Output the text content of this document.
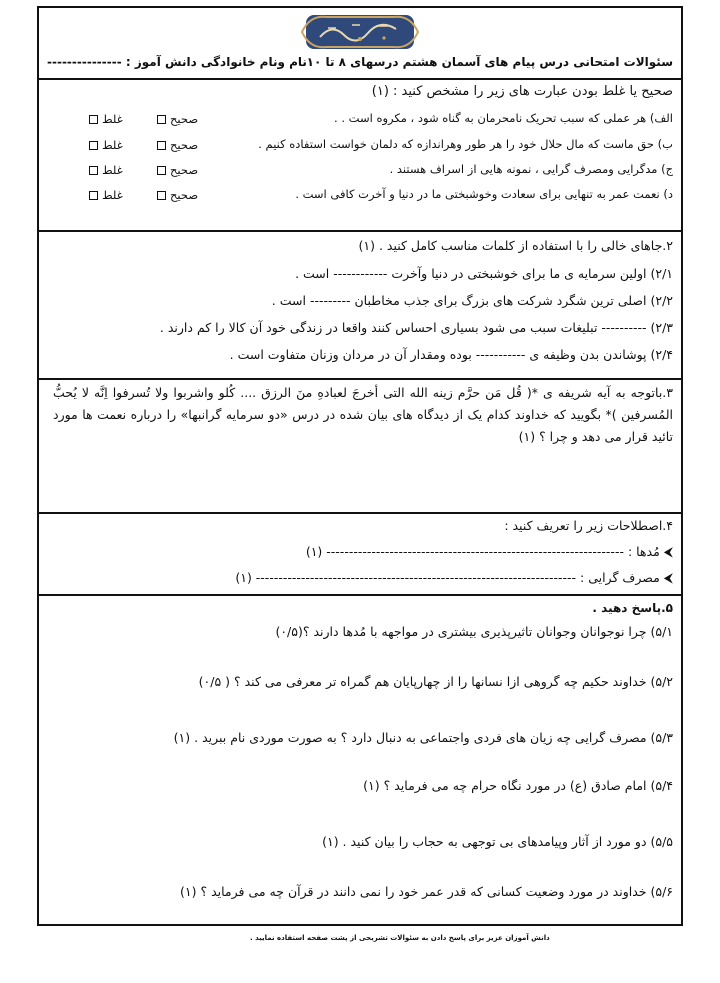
سئوالات امتحانی درس پیام های آسمان هشتم درسهای ۸ تا ۱۰
نام ونام خانوادگی دانش آموز : ---------------
صحیح یا غلط بودن عبارت های زیر را مشخص کنید : (۱)
الف) هر عملی که سبب تحریک نامحرمان به گناه شود ، مکروه است . .
صحیح
غلط
ب) حق ماست که مال حلال خود را هر طور وهراندازه که دلمان خواست استفاده کنیم .
صحیح
غلط
ج) مدگرایی ومصرف گرایی ، نمونه هایی از اسراف هستند .
صحیح
غلط
د) نعمت عمر به تنهایی برای سعادت وخوشبختی ما در دنیا و آخرت کافی است .
صحیح
غلط
۲.جاهای خالی را با استفاده از کلمات مناسب کامل کنید . (۱)
۲/۱) اولین سرمایه ی ما برای خوشبختی در دنیا وآخرت ------------ است .
۲/۲) اصلی ترین شگرد شرکت های بزرگ برای جذب مخاطبان --------- است .
۲/۳) ---------- تبلیغات سبب می شود بسیاری احساس کنند واقعا در زندگی خود آن کالا را کم دارند .
۲/۴) پوشاندن بدن وظیفه ی ----------- بوده ومقدار آن در مردان وزنان متفاوت است .
۳.باتوجه به آیه شریفه ی *( قُل مَن حرَّم زینه الله التی أخرجَ لعبادهِ منَ الرزق .... کُلو واشربوا ولا تُسرفوا اِنَّه لا یُحبُّ المُسرفین )* بگویید که خداوند کدام یک از دیدگاه های بیان شده در درس «دو سرمایه گرانبها» را درباره نعمت ها مورد تائید قرار می دهد و چرا ؟ (۱)
۴.اصطلاحات زیر را تعریف کنید :
⮜ مُدها : ------------------------------------------------------------------ (۱)
⮜ مصرف گرایی : ----------------------------------------------------------------------- (۱)
۵.پاسخ دهید .
۵/۱) چرا نوجوانان وجوانان تاثیرپذیری بیشتری در مواجهه با مُدها دارند ؟(۰/۵)
۵/۲) خداوند حکیم چه گروهی ازا نسانها را از چهارپایان هم گمراه تر معرفی می کند ؟ ( ۰/۵)
۵/۳) مصرف گرایی چه زیان های فردی واجتماعی به دنبال دارد ؟ به صورت موردی نام ببرید . (۱)
۵/۴) امام صادق (ع) در مورد نگاه حرام چه می فرماید ؟ (۱)
۵/۵) دو مورد از آثار وپیامدهای بی توجهی به حجاب را بیان کنید . (۱)
۵/۶) خداوند در مورد وضعیت کسانی که قدر عمر خود را نمی دانند در قرآن چه می فرماید ؟ (۱)
دانش آموزان عزیز برای پاسخ دادن به سئوالات تشریحی از پشت صفحه استفاده نمایید .
